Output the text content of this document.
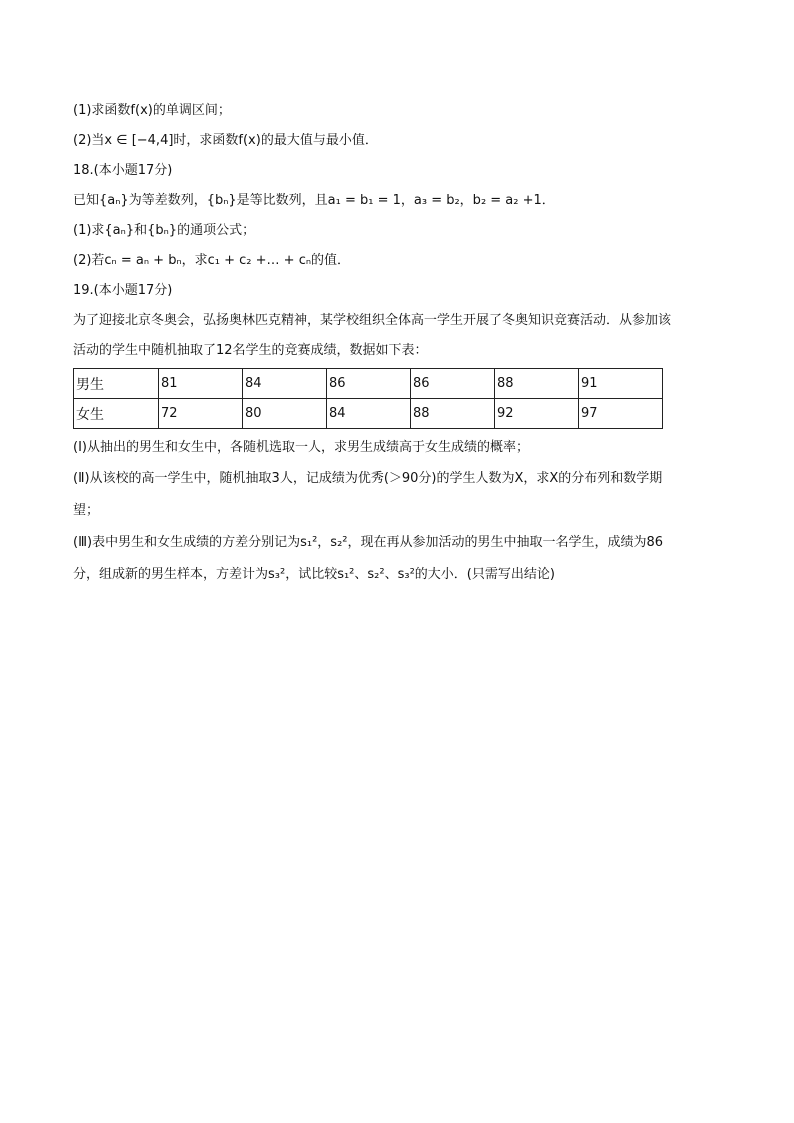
(1)求函数f(x)的单调区间；
(2)当x ∈ [−4,4]时，求函数f(x)的最大值与最小值．
18.(本小题17分)
已知{aₙ}为等差数列，{bₙ}是等比数列，且a₁ = b₁ = 1，a₃ = b₂，b₂ = a₂ +1．
(1)求{aₙ}和{bₙ}的通项公式；
(2)若cₙ = aₙ + bₙ，求c₁ + c₂ +… + cₙ的值．
19.(本小题17分)
为了迎接北京冬奥会，弘扬奥林匹克精神，某学校组织全体高一学生开展了冬奥知识竞赛活动．从参加该
活动的学生中随机抽取了12名学生的竞赛成绩，数据如下表：
男生	81	84	86	86	88	91
女生	72	80	84	88	92	97
(Ⅰ)从抽出的男生和女生中，各随机选取一人，求男生成绩高于女生成绩的概率；
(Ⅱ)从该校的高一学生中，随机抽取3人，记成绩为优秀(＞90分)的学生人数为X，求X的分布列和数学期
望；
(Ⅲ)表中男生和女生成绩的方差分别记为s₁²，s₂²，现在再从参加活动的男生中抽取一名学生，成绩为86
分，组成新的男生样本，方差计为s₃²，试比较s₁²、s₂²、s₃²的大小．(只需写出结论)
